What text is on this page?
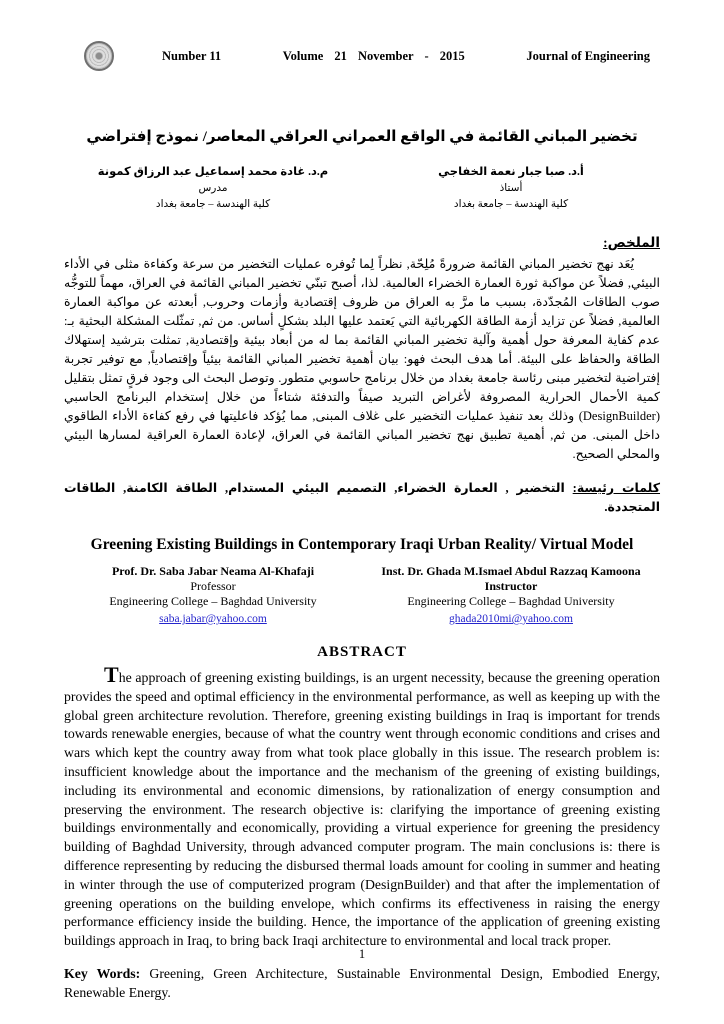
Number 11	Volume 21 November - 2015	Journal of Engineering
تخضير المباني القائمة في الواقع العمراني العراقي المعاصر/ نموذج إفتراضي
أ.د. صبا جبار نعمة الخفاجي
أستاذ
كلية الهندسة – جامعة بغداد
م.د. غادة محمد إسماعيل عبد الرزاق كمونة
مدرس
كلية الهندسة – جامعة بغداد
الملخص:

يُعَد نهج تخضير المباني القائمة ضرورةً مُلِحّة, نظراً لِما تُوفره عمليات التخضير من سرعة وكفاءة مثلى في الأداء البيئي, فضلاً عن مواكبة ثورة العمارة الخضراء العالمية. لذا، أصبح تبنّي تخضير المباني القائمة في العراق، مهماً للتوجُّه صوب الطاقات المُجدّدة، بسبب ما مرَّ به العراق من ظروف إقتصادية وأزمات وحروب, أبعدته عن مواكبة العمارة العالمية, فضلاً عن تزايد أزمة الطاقة الكهربائية التي يَعتمد عليها البلد بشكلٍ أساس. من ثم, تمثّلت المشكلة البحثية بـ: عدم كفاية المعرفة حول أهمية وآلية تخضير المباني القائمة بما له من أبعاد بيئية وإقتصادية, تمثلت بترشيد إستهلاك الطاقة والحفاظ على البيئة. أما هدف البحث فهو: بيان أهمية تخضير المباني القائمة بيئياً وإقتصادياً, مع توفير تجربة إفتراضية لتخضير مبنى رئاسة جامعة بغداد من خلال برنامج حاسوبي متطور. وتوصل البحث الى وجود فرقٍ تمثل بتقليل كمية الأحمال الحرارية المصروفة لأغراض التبريد صيفاً والتدفئة شتاءاً من خلال إستخدام البرنامج الحاسبي (DesignBuilder) وذلك بعد تنفيذ عمليات التخضير على غلاف المبنى, مما يُؤكد فاعليتها في رفع كفاءة الأداء الطاقوي داخل المبنى. من ثم, أهمية تطبيق نهج تخضير المباني القائمة في العراق، لإعادة العمارة العراقية لمسارها البيئي والمحلي الصحيح.

كلمات رئيسة: التخضير , العمارة الخضراء, التصميم البيئي المستدام, الطاقة الكامنة, الطاقات المتجددة.

Greening Existing Buildings in Contemporary Iraqi Urban Reality/ Virtual Model
Prof. Dr. Saba Jabar Neama Al-Khafaji
Professor
Engineering College – Baghdad University
saba.jabar@yahoo.com
Inst. Dr. Ghada M.Ismael Abdul Razzaq Kamoona
Instructor
Engineering College – Baghdad University
ghada2010mi@yahoo.com
ABSTRACT

The approach of greening existing buildings, is an urgent necessity, because the greening operation provides the speed and optimal efficiency in the environmental performance, as well as keeping up with the global green architecture revolution. Therefore, greening existing buildings in Iraq is important for trends towards renewable energies, because of what the country went through economic conditions and crises and wars which kept the country away from what took place globally in this issue. The research problem is: insufficient knowledge about the importance and the mechanism of the greening of existing buildings, including its environmental and economic dimensions, by rationalization of energy consumption and preserving the environment. The research objective is: clarifying the importance of greening existing buildings environmentally and economically, providing a virtual experience for greening the presidency building of Baghdad University, through advanced computer program. The main conclusions is: there is difference representing by reducing the disbursed thermal loads amount for cooling in summer and heating in winter through the use of computerized program (DesignBuilder) and that after the implementation of greening operations on the building envelope, which confirms its effectiveness in raising the energy performance efficiency inside the building. Hence, the importance of the application of greening existing buildings approach in Iraq, to bring back Iraqi architecture to environmental and local track proper.

Key Words: Greening, Green Architecture, Sustainable Environmental Design, Embodied Energy, Renewable Energy.

1
